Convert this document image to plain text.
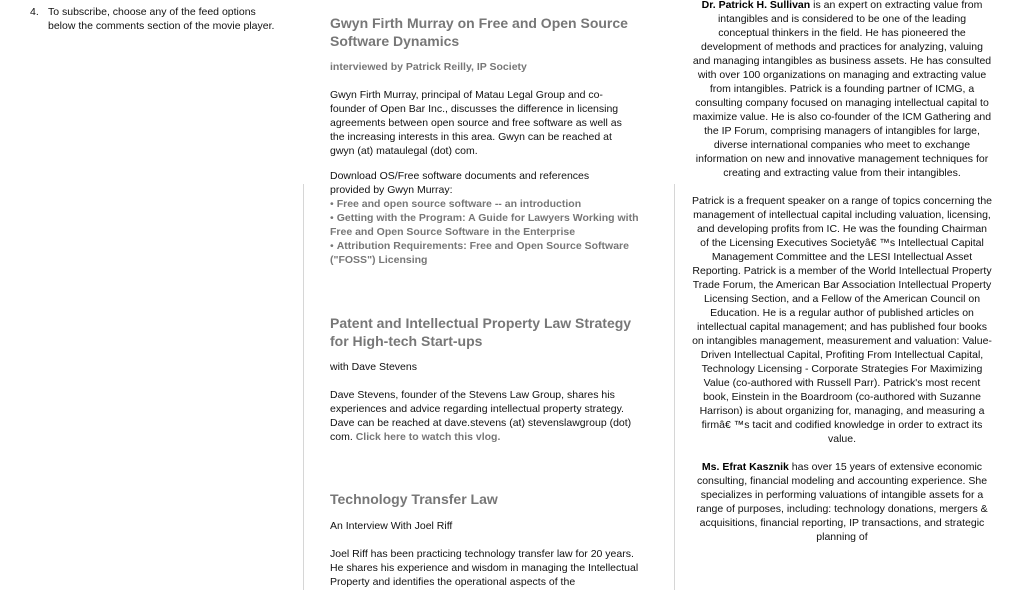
4. To subscribe, choose any of the feed options below the comments section of the movie player.	Gwyn Firth Murray on Free and Open Source Software Dynamics
interviewed by Patrick Reilly, IP Society

Gwyn Firth Murray, principal of Matau Legal Group and co-founder of Open Bar Inc., discusses the difference in licensing agreements between open source and free software as well as the increasing interests in this area. Gwyn can be reached at gwyn (at) mataulegal (dot) com.

Download OS/Free software documents and references provided by Gwyn Murray:

• Free and open source software -- an introduction
• Getting with the Program: A Guide for Lawyers Working with Free and Open Source Software in the Enterprise
• Attribution Requirements: Free and Open Source Software ("FOSS") Licensing
Patent and Intellectual Property Law Strategy for High-tech Start-ups

with Dave Stevens

Dave Stevens, founder of the Stevens Law Group, shares his experiences and advice regarding intellectual property strategy. Dave can be reached at dave.stevens (at) stevenslawgroup (dot) com. Click here to watch this vlog.

Technology Transfer Law

An Interview With Joel Riff

Joel Riff has been practicing technology transfer law for 20 years. He shares his experience and wisdom in managing the Intellectual Property and identifies the operational aspects of the

Dr. Patrick H. Sullivan is an expert on extracting value from intangibles and is considered to be one of the leading conceptual thinkers in the field. He has pioneered the development of methods and practices for analyzing, valuing and managing intangibles as business assets. He has consulted with over 100 organizations on managing and extracting value from intangibles. Patrick is a founding partner of ICMG, a consulting company focused on managing intellectual capital to maximize value. He is also co-founder of the ICM Gathering and the IP Forum, comprising managers of intangibles for large, diverse international companies who meet to exchange information on new and innovative management techniques for creating and extracting value from their intangibles.

Patrick is a frequent speaker on a range of topics concerning the management of intellectual capital including valuation, licensing, and developing profits from IC. He was the founding Chairman of the Licensing Executives Societyâ€ ™s Intellectual Capital Management Committee and the LESI Intellectual Asset Reporting. Patrick is a member of the World Intellectual Property Trade Forum, the American Bar Association Intellectual Property Licensing Section, and a Fellow of the American Council on Education. He is a regular author of published articles on intellectual capital management; and has published four books on intangibles management, measurement and valuation: Value-Driven Intellectual Capital, Profiting From Intellectual Capital, Technology Licensing - Corporate Strategies For Maximizing Value (co-authored with Russell Parr). Patrick's most recent book, Einstein in the Boardroom (co-authored with Suzanne Harrison) is about organizing for, managing, and measuring a firmâ€ ™s tacit and codified knowledge in order to extract its value.

Ms. Efrat Kasznik has over 15 years of extensive economic consulting, financial modeling and accounting experience. She specializes in performing valuations of intangible assets for a range of purposes, including: technology donations, mergers & acquisitions, financial reporting, IP transactions, and strategic planning of
